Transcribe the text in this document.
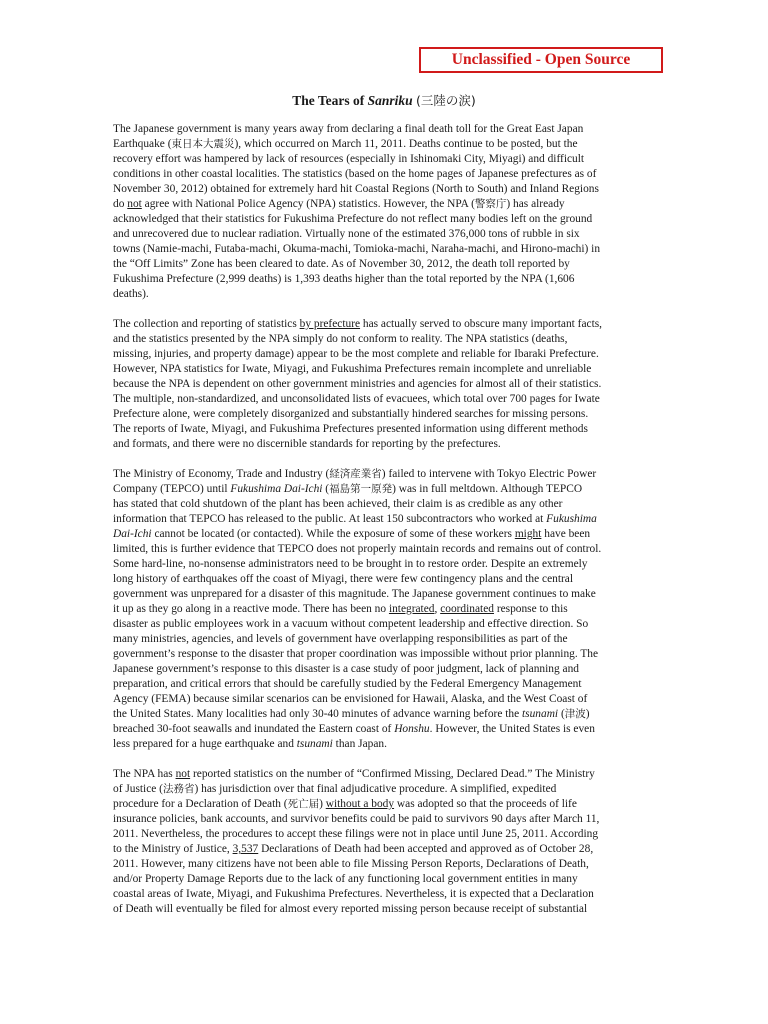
Unclassified - Open Source
The Tears of Sanriku (三陸の涙)

The Japanese government is many years away from declaring a final death toll for the Great East Japan
Earthquake (東日本大震災), which occurred on March 11, 2011. Deaths continue to be posted, but the
recovery effort was hampered by lack of resources (especially in Ishinomaki City, Miyagi) and difficult
conditions in other coastal localities. The statistics (based on the home pages of Japanese prefectures as of
November 30, 2012) obtained for extremely hard hit Coastal Regions (North to South) and Inland Regions
do not agree with National Police Agency (NPA) statistics. However, the NPA (警察庁) has already
acknowledged that their statistics for Fukushima Prefecture do not reflect many bodies left on the ground
and unrecovered due to nuclear radiation. Virtually none of the estimated 376,000 tons of rubble in six
towns (Namie-machi, Futaba-machi, Okuma-machi, Tomioka-machi, Naraha-machi, and Hirono-machi) in
the “Off Limits” Zone has been cleared to date. As of November 30, 2012, the death toll reported by
Fukushima Prefecture (2,999 deaths) is 1,393 deaths higher than the total reported by the NPA (1,606
deaths).

The collection and reporting of statistics by prefecture has actually served to obscure many important facts,
and the statistics presented by the NPA simply do not conform to reality. The NPA statistics (deaths,
missing, injuries, and property damage) appear to be the most complete and reliable for Ibaraki Prefecture.
However, NPA statistics for Iwate, Miyagi, and Fukushima Prefectures remain incomplete and unreliable
because the NPA is dependent on other government ministries and agencies for almost all of their statistics.
The multiple, non-standardized, and unconsolidated lists of evacuees, which total over 700 pages for Iwate
Prefecture alone, were completely disorganized and substantially hindered searches for missing persons.
The reports of Iwate, Miyagi, and Fukushima Prefectures presented information using different methods
and formats, and there were no discernible standards for reporting by the prefectures.

The Ministry of Economy, Trade and Industry (経済産業省) failed to intervene with Tokyo Electric Power
Company (TEPCO) until Fukushima Dai-Ichi (福島第一原発) was in full meltdown. Although TEPCO
has stated that cold shutdown of the plant has been achieved, their claim is as credible as any other
information that TEPCO has released to the public. At least 150 subcontractors who worked at Fukushima
Dai-Ichi cannot be located (or contacted). While the exposure of some of these workers might have been
limited, this is further evidence that TEPCO does not properly maintain records and remains out of control.
Some hard-line, no-nonsense administrators need to be brought in to restore order. Despite an extremely
long history of earthquakes off the coast of Miyagi, there were few contingency plans and the central
government was unprepared for a disaster of this magnitude. The Japanese government continues to make
it up as they go along in a reactive mode. There has been no integrated, coordinated response to this
disaster as public employees work in a vacuum without competent leadership and effective direction. So
many ministries, agencies, and levels of government have overlapping responsibilities as part of the
government’s response to the disaster that proper coordination was impossible without prior planning. The
Japanese government’s response to this disaster is a case study of poor judgment, lack of planning and
preparation, and critical errors that should be carefully studied by the Federal Emergency Management
Agency (FEMA) because similar scenarios can be envisioned for Hawaii, Alaska, and the West Coast of
the United States. Many localities had only 30-40 minutes of advance warning before the tsunami (津波)
breached 30-foot seawalls and inundated the Eastern coast of Honshu. However, the United States is even
less prepared for a huge earthquake and tsunami than Japan.

The NPA has not reported statistics on the number of “Confirmed Missing, Declared Dead.” The Ministry
of Justice (法務省) has jurisdiction over that final adjudicative procedure. A simplified, expedited
procedure for a Declaration of Death (死亡届) without a body was adopted so that the proceeds of life
insurance policies, bank accounts, and survivor benefits could be paid to survivors 90 days after March 11,
2011. Nevertheless, the procedures to accept these filings were not in place until June 25, 2011. According
to the Ministry of Justice, 3,537 Declarations of Death had been accepted and approved as of October 28,
2011. However, many citizens have not been able to file Missing Person Reports, Declarations of Death,
and/or Property Damage Reports due to the lack of any functioning local government entities in many
coastal areas of Iwate, Miyagi, and Fukushima Prefectures. Nevertheless, it is expected that a Declaration
of Death will eventually be filed for almost every reported missing person because receipt of substantial
